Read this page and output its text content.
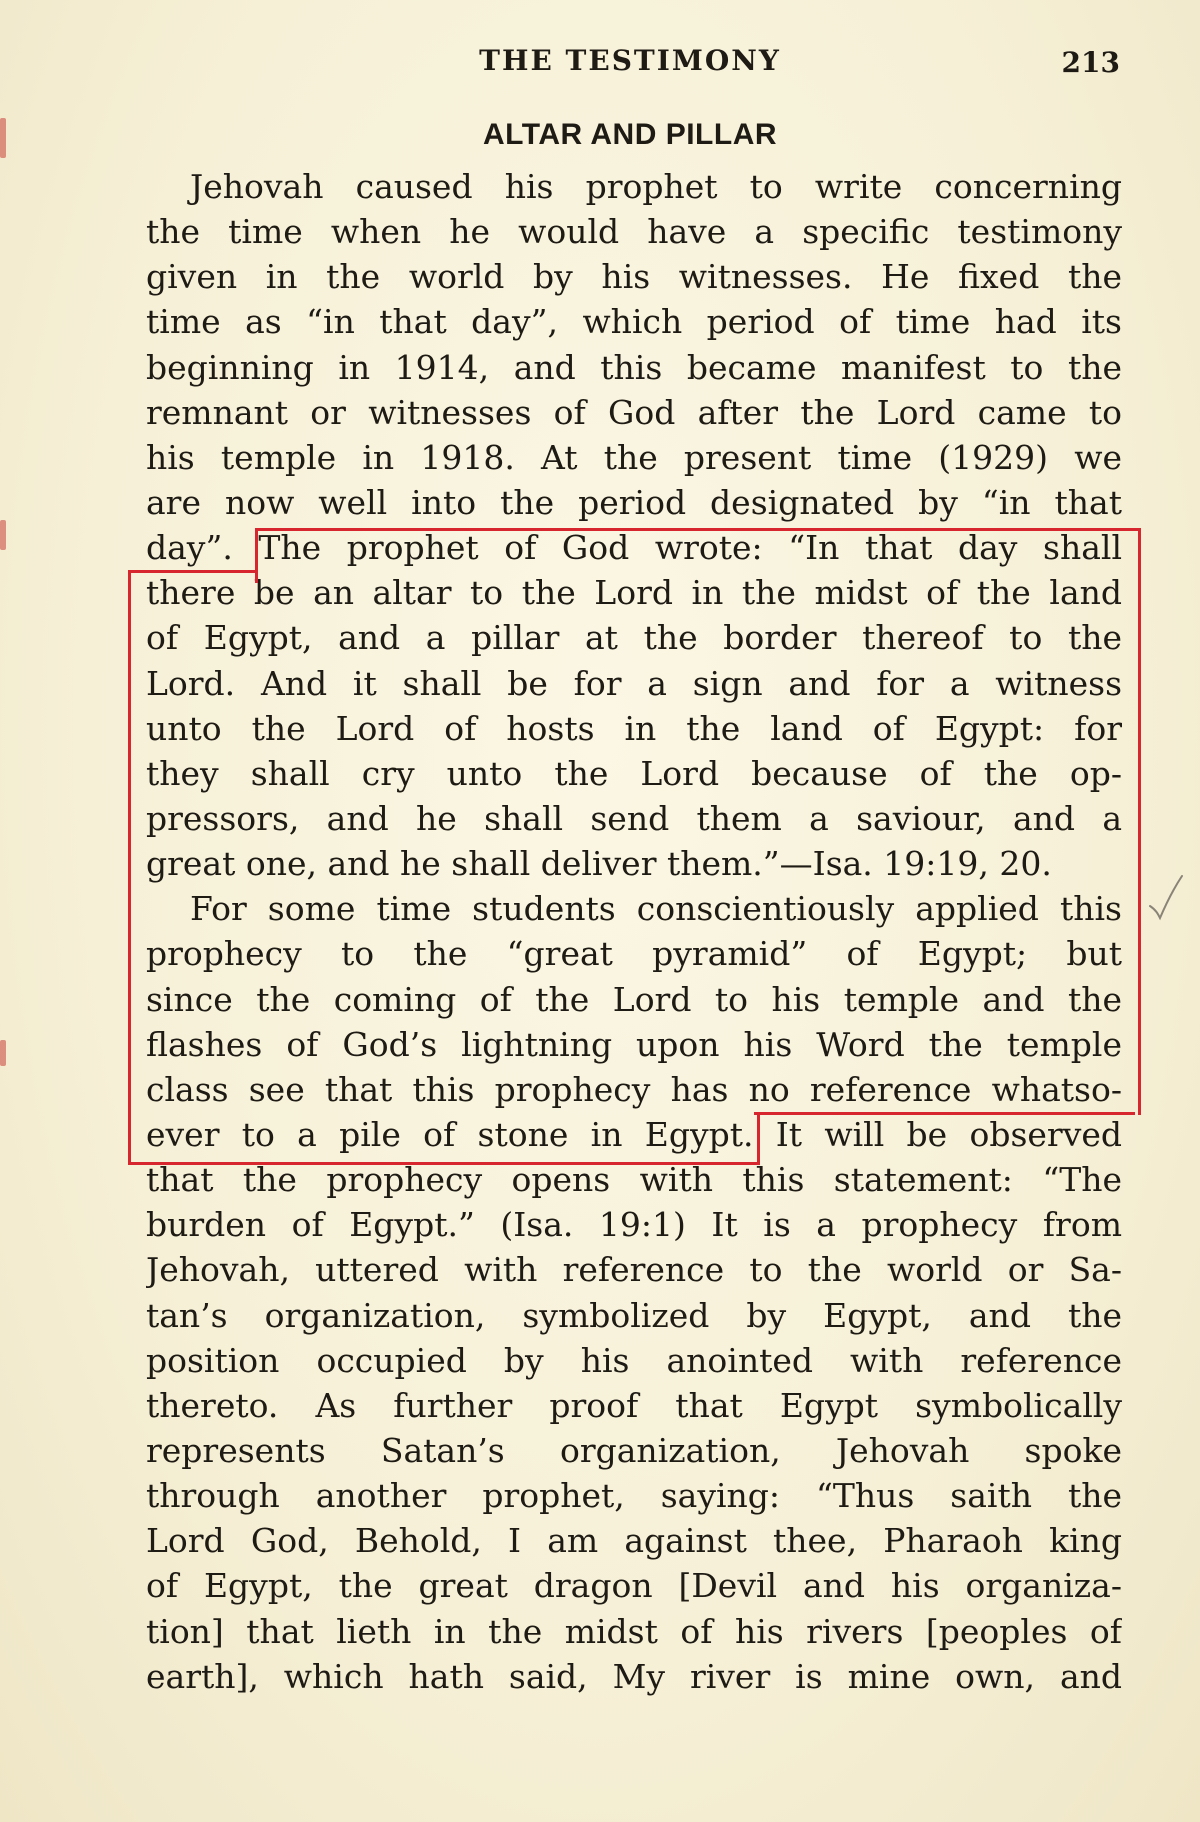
THE TESTIMONY	213
ALTAR AND PILLAR
Jehovah caused his prophet to write concerning
the time when he would have a specific testimony
given in the world by his witnesses. He fixed the
time as “in that day”, which period of time had its
beginning in 1914, and this became manifest to the
remnant or witnesses of God after the Lord came to
his temple in 1918. At the present time (1929) we
are now well into the period designated by “in that
day”. The prophet of God wrote: “In that day shall
there be an altar to the Lord in the midst of the land
of Egypt, and a pillar at the border thereof to the
Lord. And it shall be for a sign and for a witness
unto the Lord of hosts in the land of Egypt: for
they shall cry unto the Lord because of the op-
pressors, and he shall send them a saviour, and a
great one, and he shall deliver them.”—Isa. 19:19, 20.
For some time students conscientiously applied this
prophecy to the “great pyramid” of Egypt; but
since the coming of the Lord to his temple and the
flashes of God’s lightning upon his Word the temple
class see that this prophecy has no reference whatso-
ever to a pile of stone in Egypt. It will be observed
that the prophecy opens with this statement: “The
burden of Egypt.” (Isa. 19:1) It is a prophecy from
Jehovah, uttered with reference to the world or Sa-
tan’s organization, symbolized by Egypt, and the
position occupied by his anointed with reference
thereto. As further proof that Egypt symbolically
represents Satan’s organization, Jehovah spoke
through another prophet, saying: “Thus saith the
Lord God, Behold, I am against thee, Pharaoh king
of Egypt, the great dragon [Devil and his organiza-
tion] that lieth in the midst of his rivers [peoples of
earth], which hath said, My river is mine own, and
